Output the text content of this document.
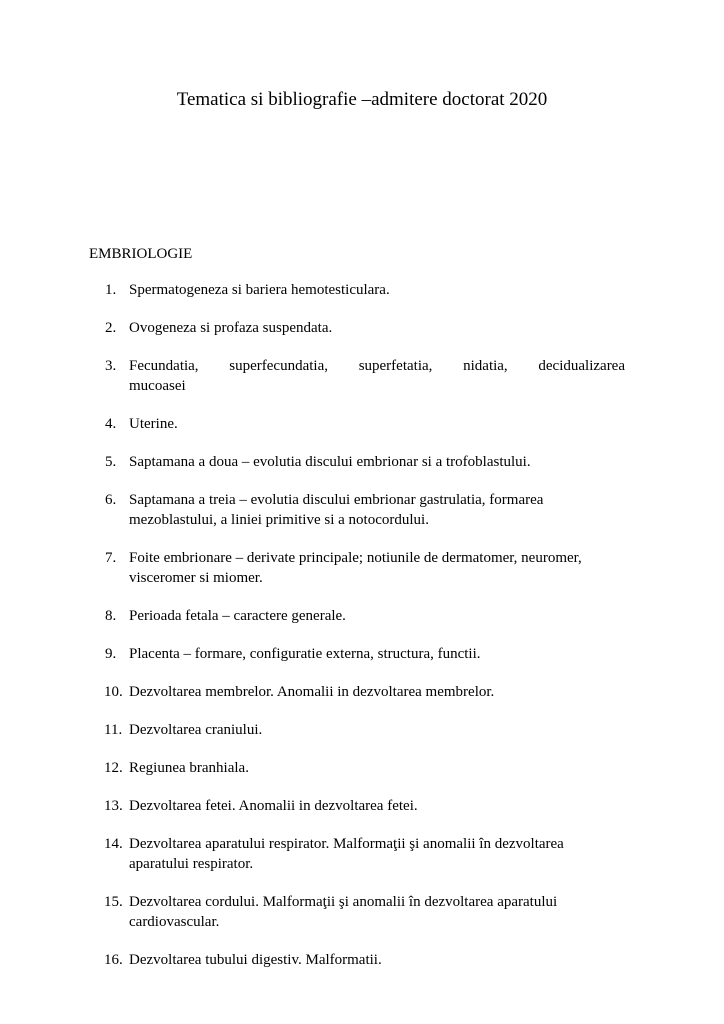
Tematica si bibliografie –admitere doctorat 2020
EMBRIOLOGIE
1. Spermatogeneza si bariera hemotesticulara.
2. Ovogeneza si profaza suspendata.
3. Fecundatia, superfecundatia, superfetatia, nidatia, decidualizarea
mucoasei
4. Uterine.
5. Saptamana a doua – evolutia discului embrionar si a trofoblastului.
6. Saptamana a treia – evolutia discului embrionar gastrulatia, formarea mezoblastului, a liniei primitive si a notocordului.
7. Foite embrionare – derivate principale; notiunile de dermatomer, neuromer, visceromer si miomer.
8. Perioada fetala – caractere generale.
9. Placenta – formare, configuratie externa, structura, functii.
10. Dezvoltarea membrelor. Anomalii in dezvoltarea membrelor.
11. Dezvoltarea craniului.
12. Regiunea branhiala.
13. Dezvoltarea fetei. Anomalii in dezvoltarea fetei.
14. Dezvoltarea aparatului respirator. Malformaţii şi anomalii în dezvoltarea aparatului respirator.
15. Dezvoltarea cordului. Malformaţii şi anomalii în dezvoltarea aparatului cardiovascular.
16. Dezvoltarea tubului digestiv. Malformatii.
